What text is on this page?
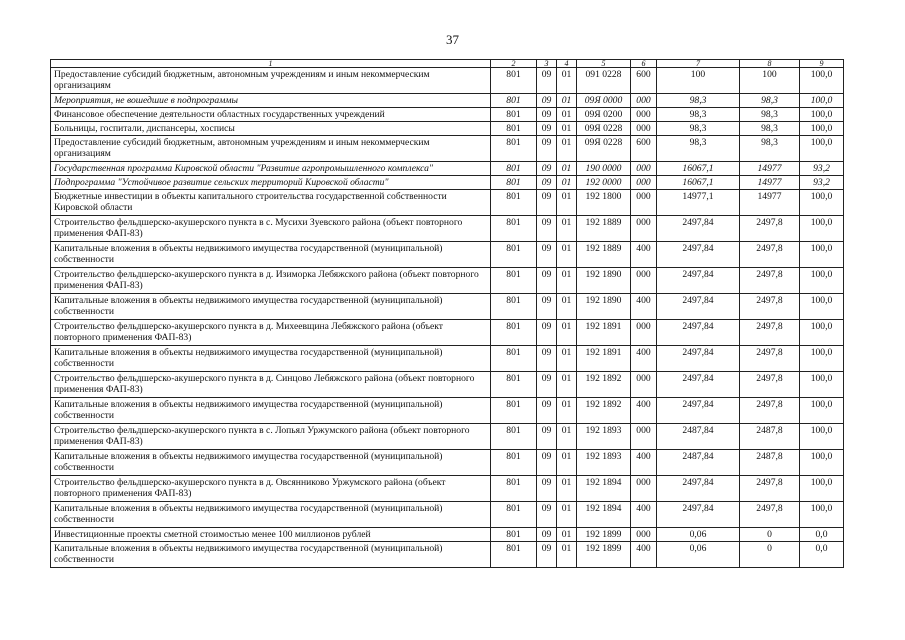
37
1	2	3	4	5	6	7	8	9
Предоставление субсидий бюджетным, автономным учреждениям и иным некоммерческим организациям	801	09	01	091 0228	600	100	100	100,0
Мероприятия, не вошедшие в подпрограммы	801	09	01	09Я 0000	000	98,3	98,3	100,0
Финансовое обеспечение деятельности областных государственных учреждений	801	09	01	09Я 0200	000	98,3	98,3	100,0
Больницы, госпитали, диспансеры, хосписы	801	09	01	09Я 0228	000	98,3	98,3	100,0
Предоставление субсидий бюджетным, автономным учреждениям и иным некоммерческим организациям	801	09	01	09Я 0228	600	98,3	98,3	100,0
Государственная программа Кировской области "Развитие агропромышленного комплекса"	801	09	01	190 0000	000	16067,1	14977	93,2
Подпрограмма "Устойчивое развитие сельских территорий Кировской области"	801	09	01	192 0000	000	16067,1	14977	93,2
Бюджетные инвестиции в объекты капитального строительства государственной собственности Кировской области	801	09	01	192 1800	000	14977,1	14977	100,0
Строительство фельдшерско-акушерского пункта в с. Мусихи Зуевского района (объект повторного применения ФАП-83)	801	09	01	192 1889	000	2497,84	2497,8	100,0
Капитальные вложения в объекты недвижимого имущества государственной (муниципальной) собственности	801	09	01	192 1889	400	2497,84	2497,8	100,0
Строительство фельдшерско-акушерского пункта в д. Изиморка Лебяжского района (объект повторного применения ФАП-83)	801	09	01	192 1890	000	2497,84	2497,8	100,0
Капитальные вложения в объекты недвижимого имущества государственной (муниципальной) собственности	801	09	01	192 1890	400	2497,84	2497,8	100,0
Строительство фельдшерско-акушерского пункта в д. Михеевщина Лебяжского района (объект повторного применения ФАП-83)	801	09	01	192 1891	000	2497,84	2497,8	100,0
Капитальные вложения в объекты недвижимого имущества государственной (муниципальной) собственности	801	09	01	192 1891	400	2497,84	2497,8	100,0
Строительство фельдшерско-акушерского пункта в д. Синцово Лебяжского района (объект повторного применения ФАП-83)	801	09	01	192 1892	000	2497,84	2497,8	100,0
Капитальные вложения в объекты недвижимого имущества государственной (муниципальной) собственности	801	09	01	192 1892	400	2497,84	2497,8	100,0
Строительство фельдшерско-акушерского пункта в с. Лопьял Уржумского района (объект повторного применения ФАП-83)	801	09	01	192 1893	000	2487,84	2487,8	100,0
Капитальные вложения в объекты недвижимого имущества государственной (муниципальной) собственности	801	09	01	192 1893	400	2487,84	2487,8	100,0
Строительство фельдшерско-акушерского пункта в д. Овсянниково Уржумского района (объект повторного применения ФАП-83)	801	09	01	192 1894	000	2497,84	2497,8	100,0
Капитальные вложения в объекты недвижимого имущества государственной (муниципальной) собственности	801	09	01	192 1894	400	2497,84	2497,8	100,0
Инвестиционные проекты сметной стоимостью менее 100 миллионов рублей	801	09	01	192 1899	000	0,06	0	0,0
Капитальные вложения в объекты недвижимого имущества государственной (муниципальной) собственности	801	09	01	192 1899	400	0,06	0	0,0
